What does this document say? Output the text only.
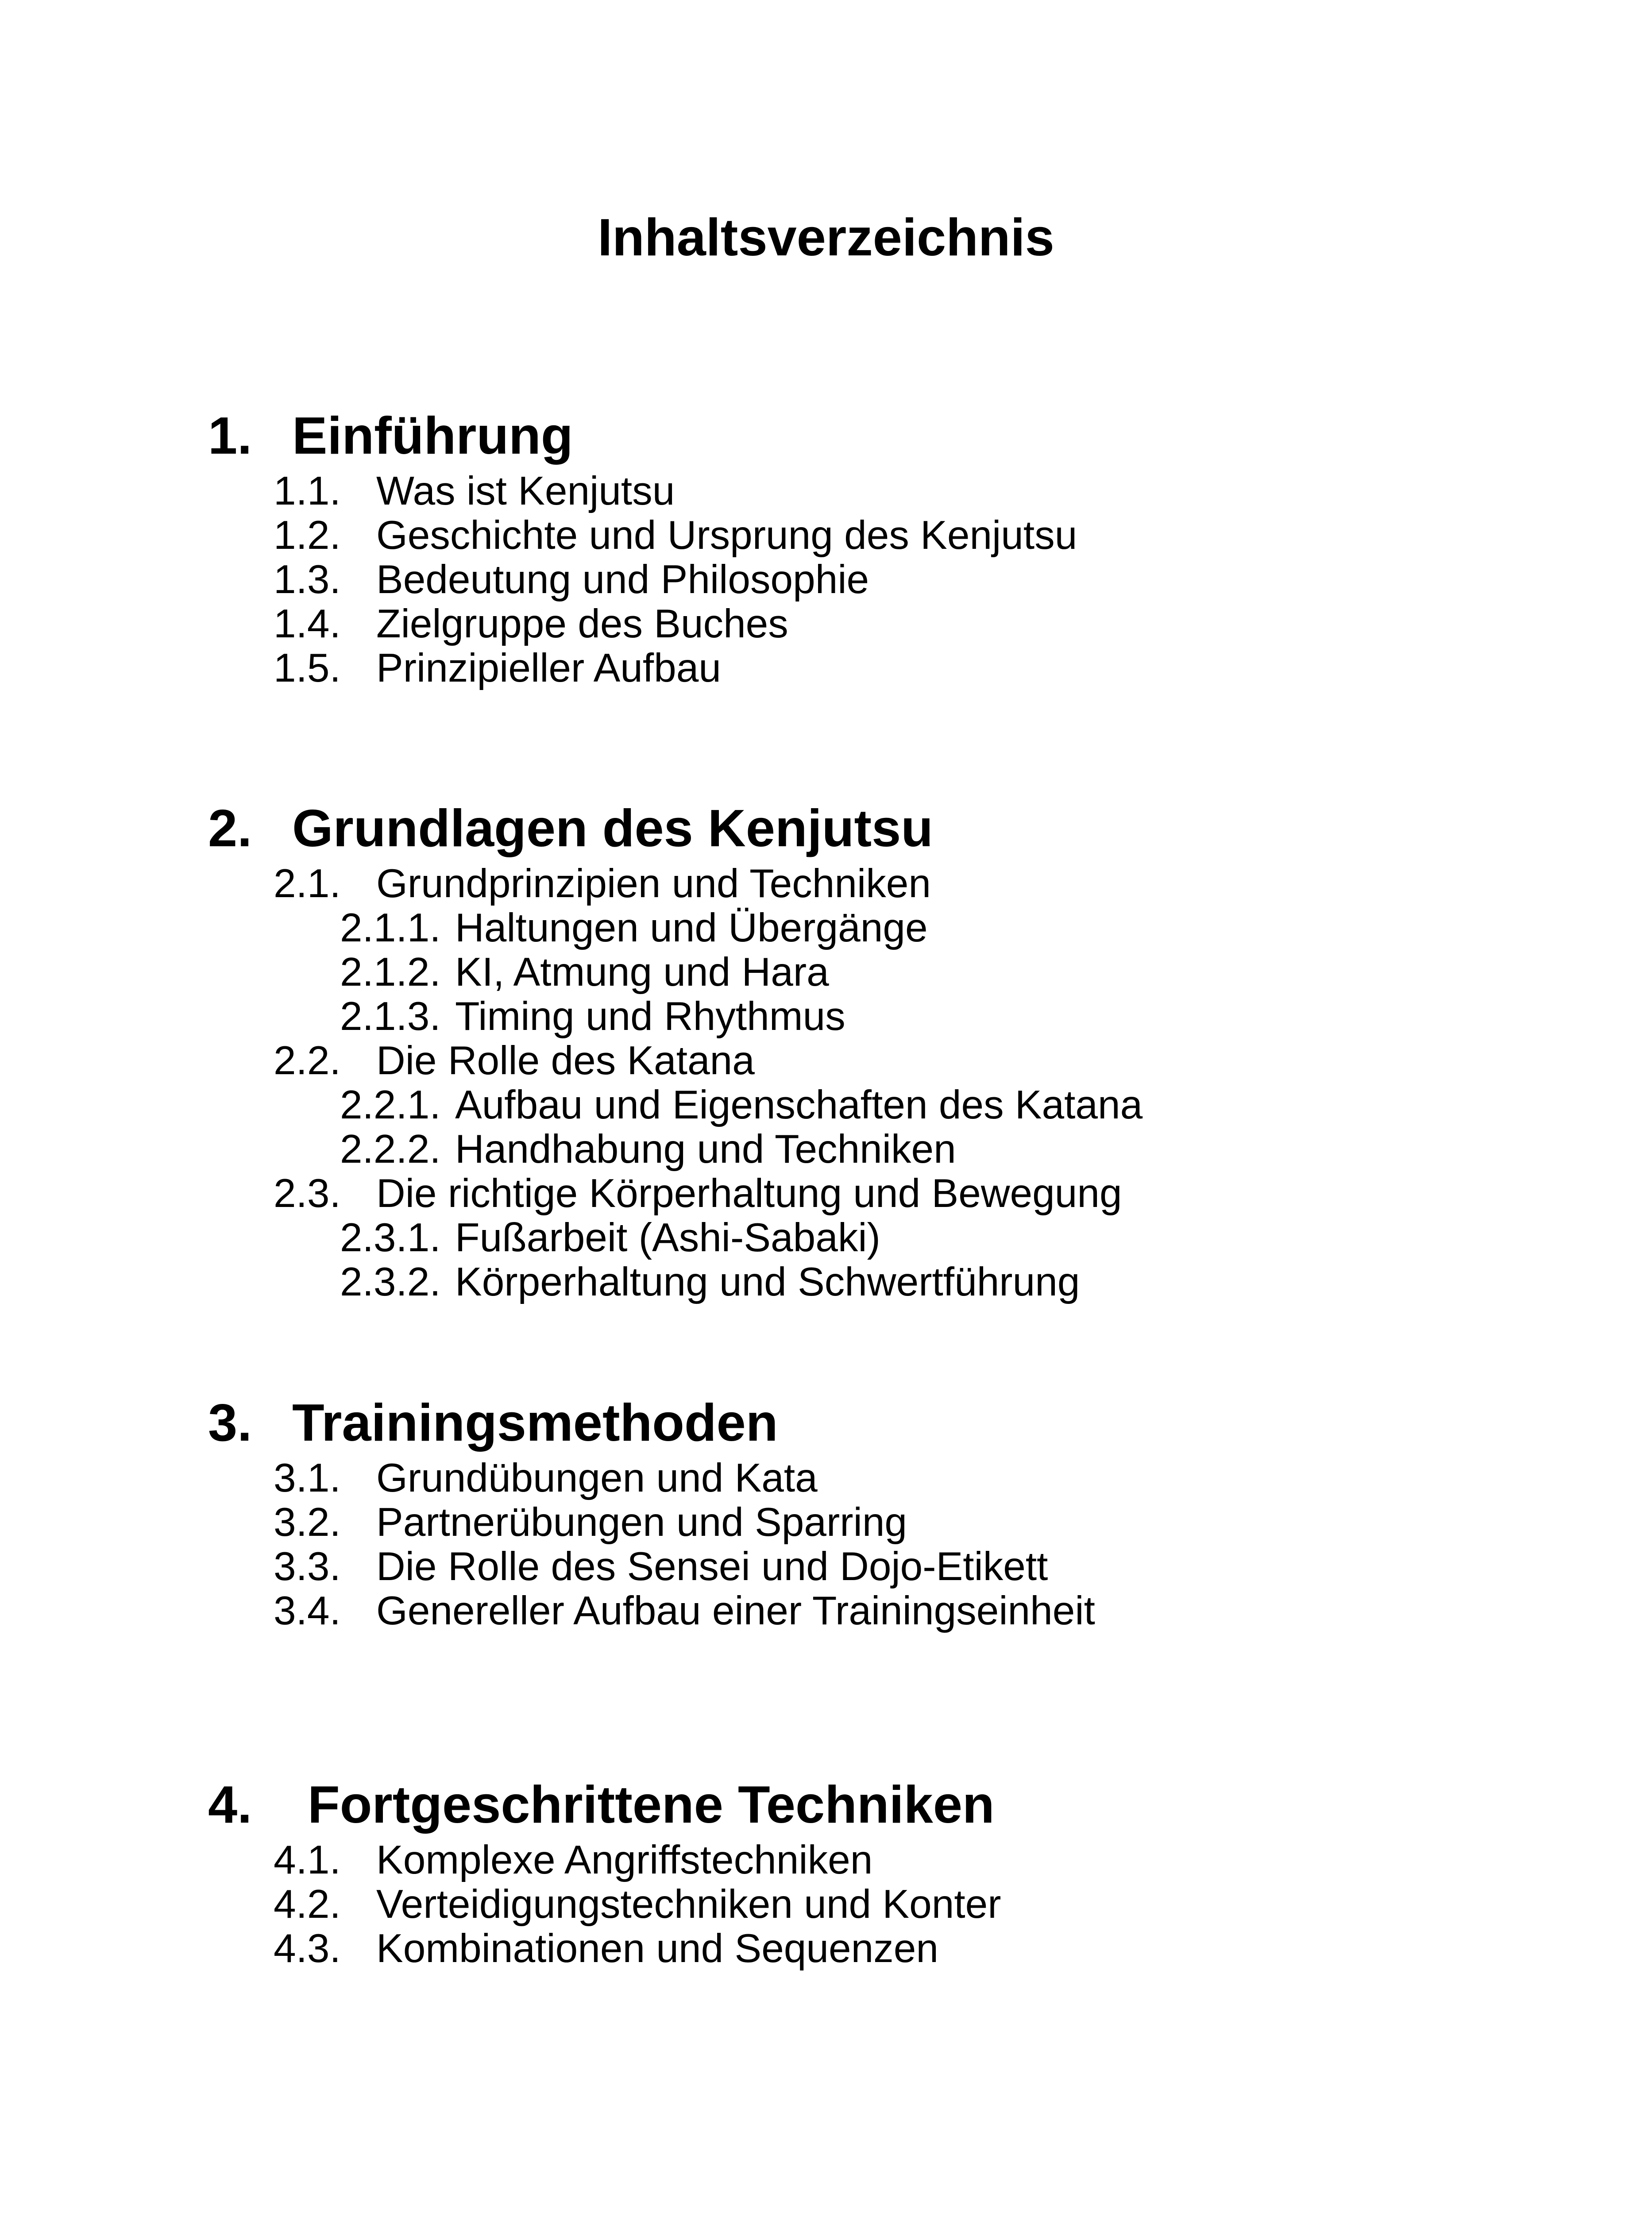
Inhaltsverzeichnis
1. Einführung
1.1. Was ist Kenjutsu
1.2. Geschichte und Ursprung des Kenjutsu
1.3. Bedeutung und Philosophie
1.4. Zielgruppe des Buches
1.5. Prinzipieller Aufbau
2. Grundlagen des Kenjutsu
2.1. Grundprinzipien und Techniken
2.1.1. Haltungen und Übergänge
2.1.2. KI, Atmung und Hara
2.1.3. Timing und Rhythmus
2.2. Die Rolle des Katana
2.2.1. Aufbau und Eigenschaften des Katana
2.2.2. Handhabung und Techniken
2.3. Die richtige Körperhaltung und Bewegung
2.3.1. Fußarbeit (Ashi-Sabaki)
2.3.2. Körperhaltung und Schwertführung
3. Trainingsmethoden
3.1. Grundübungen und Kata
3.2. Partnerübungen und Sparring
3.3. Die Rolle des Sensei und Dojo-Etikett
3.4. Genereller Aufbau einer Trainingseinheit
4.	Fortgeschrittene Techniken
4.1. Komplexe Angriffstechniken
4.2. Verteidigungstechniken und Konter
4.3. Kombinationen und Sequenzen
